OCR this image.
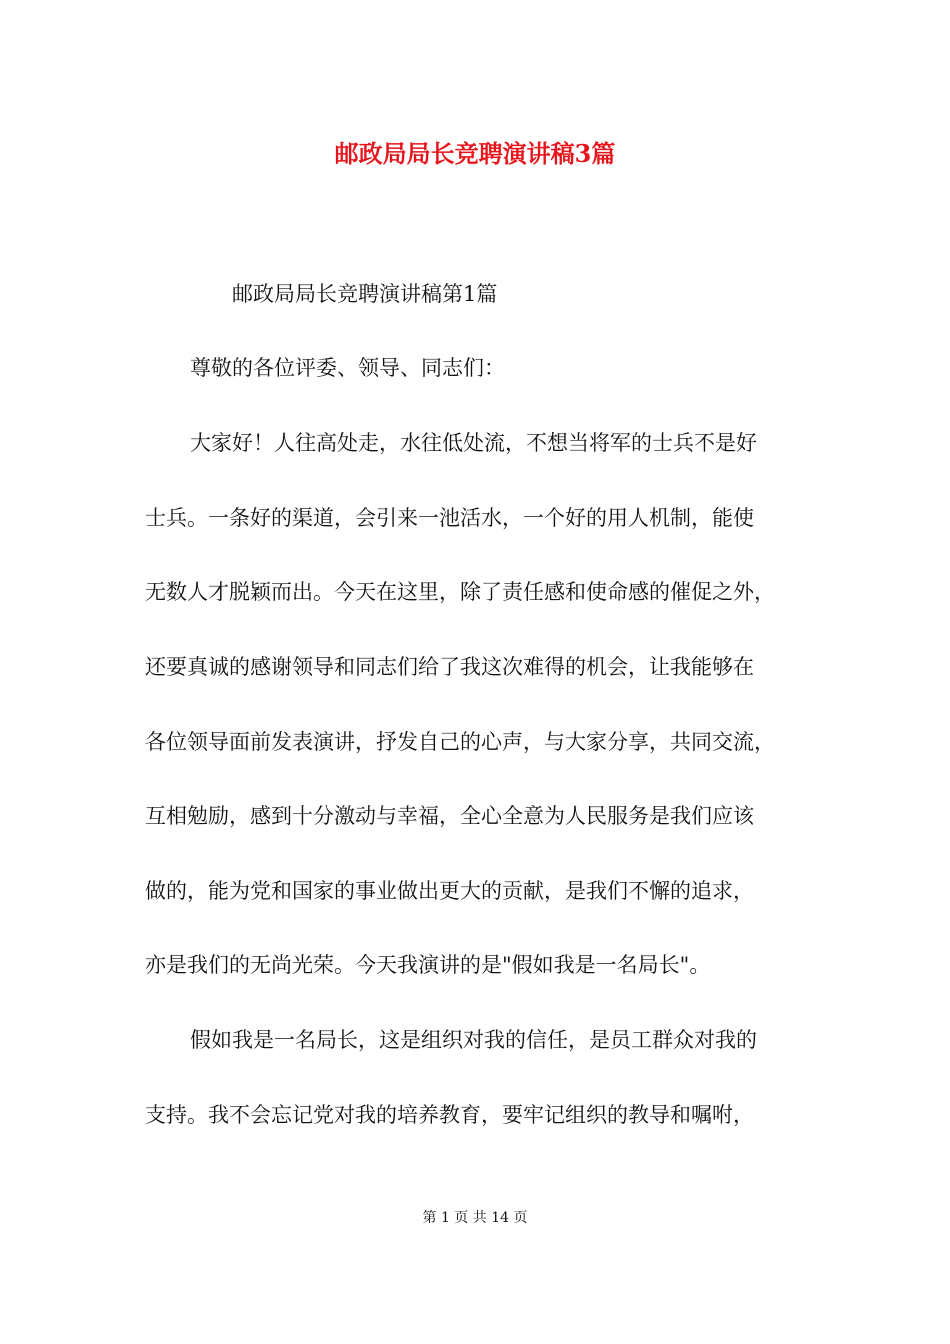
邮政局局长竞聘演讲稿3篇
邮政局局长竞聘演讲稿第1篇
尊敬的各位评委、领导、同志们：
大家好！人往高处走，水往低处流，不想当将军的士兵不是好
士兵。一条好的渠道，会引来一池活水，一个好的用人机制，能使
无数人才脱颖而出。今天在这里，除了责任感和使命感的催促之外，
还要真诚的感谢领导和同志们给了我这次难得的机会，让我能够在
各位领导面前发表演讲，抒发自己的心声，与大家分享，共同交流，
互相勉励，感到十分激动与幸福，全心全意为人民服务是我们应该
做的，能为党和国家的事业做出更大的贡献，是我们不懈的追求，
亦是我们的无尚光荣。今天我演讲的是"假如我是一名局长"。
假如我是一名局长，这是组织对我的信任，是员工群众对我的
支持。我不会忘记党对我的培养教育，要牢记组织的教导和嘱咐，
第 1 页 共 14 页
